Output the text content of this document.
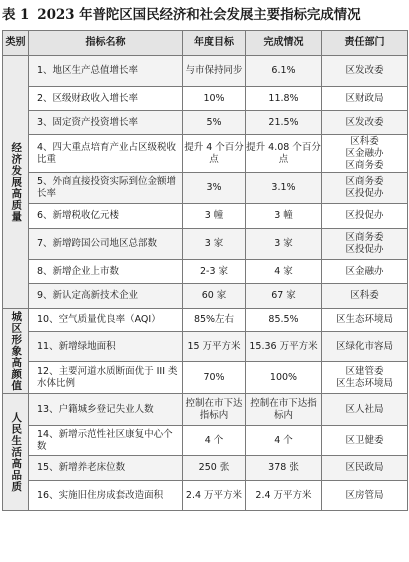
表 1 2023 年普陀区国民经济和社会发展主要指标完成情况
类别	指标名称	年度目标	完成情况	责任部门
经济发展高质量	1、地区生产总值增长率	与市保持同步	6.1%	区发改委

	2、区级财政收入增长率	10%	11.8%	区财政局

	3、固定资产投资增长率	5%	21.5%	区发改委

	4、四大重点培育产业占区级税收比重	提升 4 个百分点	提升 4.08 个百分点	区科委
区金融办
区商务委

	5、外商直接投资实际到位金额增长率	3%	3.1%	区商务委
区投促办

	6、新增税收亿元楼	3 幢	3 幢	区投促办

	7、新增跨国公司地区总部数	3 家	3 家	区商务委
区投促办

	8、新增企业上市数	2-3 家	4 家	区金融办

	9、新认定高新技术企业	60 家	67 家	区科委

城区形象高颜值	10、空气质量优良率（AQI）	85%左右	85.5%	区生态环境局

	11、新增绿地面积	15 万平方米	15.36 万平方米	区绿化市容局

	12、主要河道水质断面优于 III 类水体比例	70%	100%	区建管委
区生态环境局

人民生活高品质	13、户籍城乡登记失业人数	控制在市下达指标内	控制在市下达指标内	区人社局

	14、新增示范性社区康复中心个数	4 个	4 个	区卫健委

	15、新增养老床位数	250 张	378 张	区民政局

	16、实施旧住房成套改造面积	2.4 万平方米	2.4 万平方米	区房管局
